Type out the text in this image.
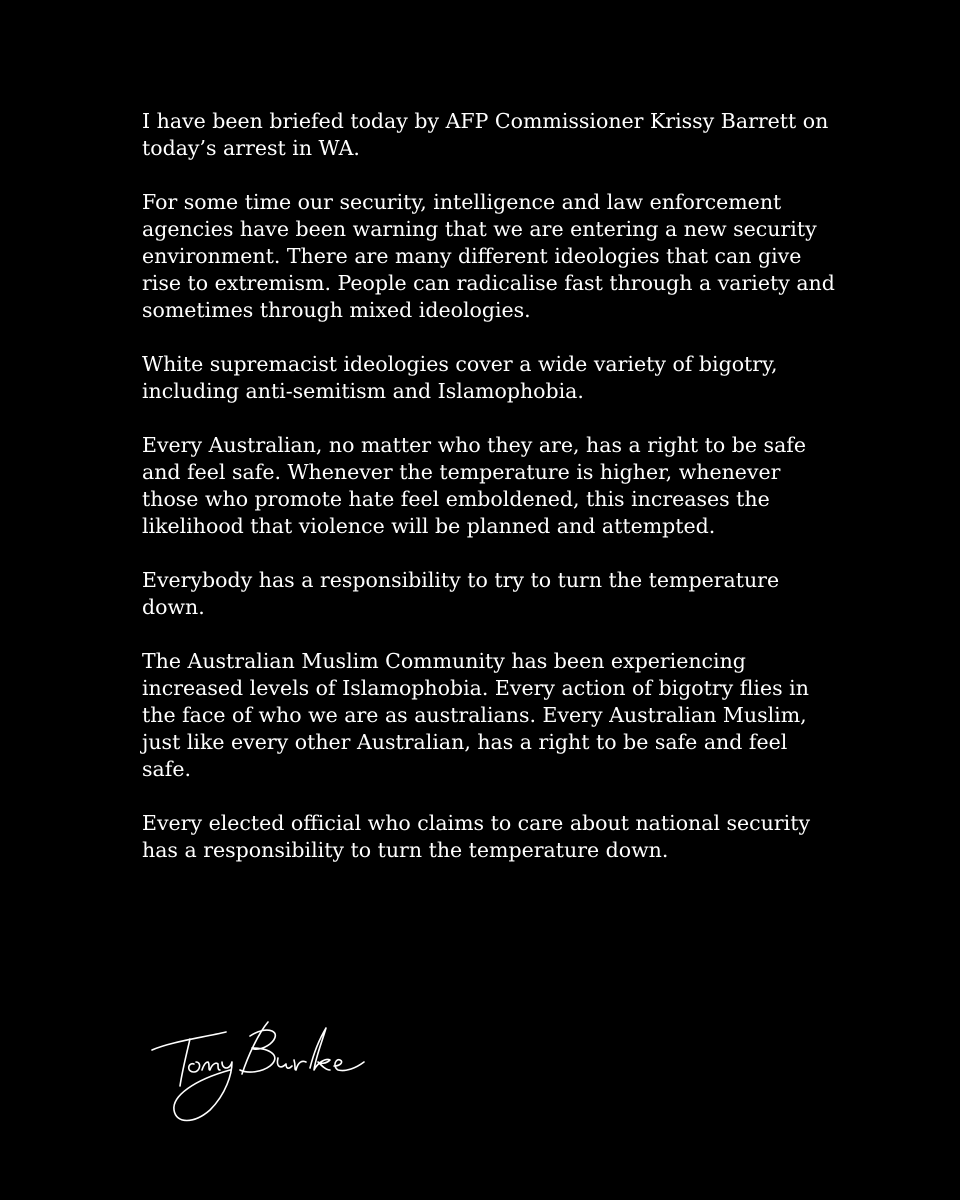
I have been briefed today by AFP Commissioner Krissy Barrett on today’s arrest in WA.

For some time our security, intelligence and law enforcement agencies have been warning that we are entering a new security environment. There are many different ideologies that can give rise to extremism. People can radicalise fast through a variety and sometimes through mixed ideologies.

White supremacist ideologies cover a wide variety of bigotry, including anti-semitism and Islamophobia.

Every Australian, no matter who they are, has a right to be safe and feel safe. Whenever the temperature is higher, whenever those who promote hate feel emboldened, this increases the likelihood that violence will be planned and attempted.

Everybody has a responsibility to try to turn the temperature down.

The Australian Muslim Community has been experiencing increased levels of Islamophobia. Every action of bigotry flies in the face of who we are as australians. Every Australian Muslim, just like every other Australian, has a right to be safe and feel safe.

Every elected official who claims to care about national security has a responsibility to turn the temperature down.
